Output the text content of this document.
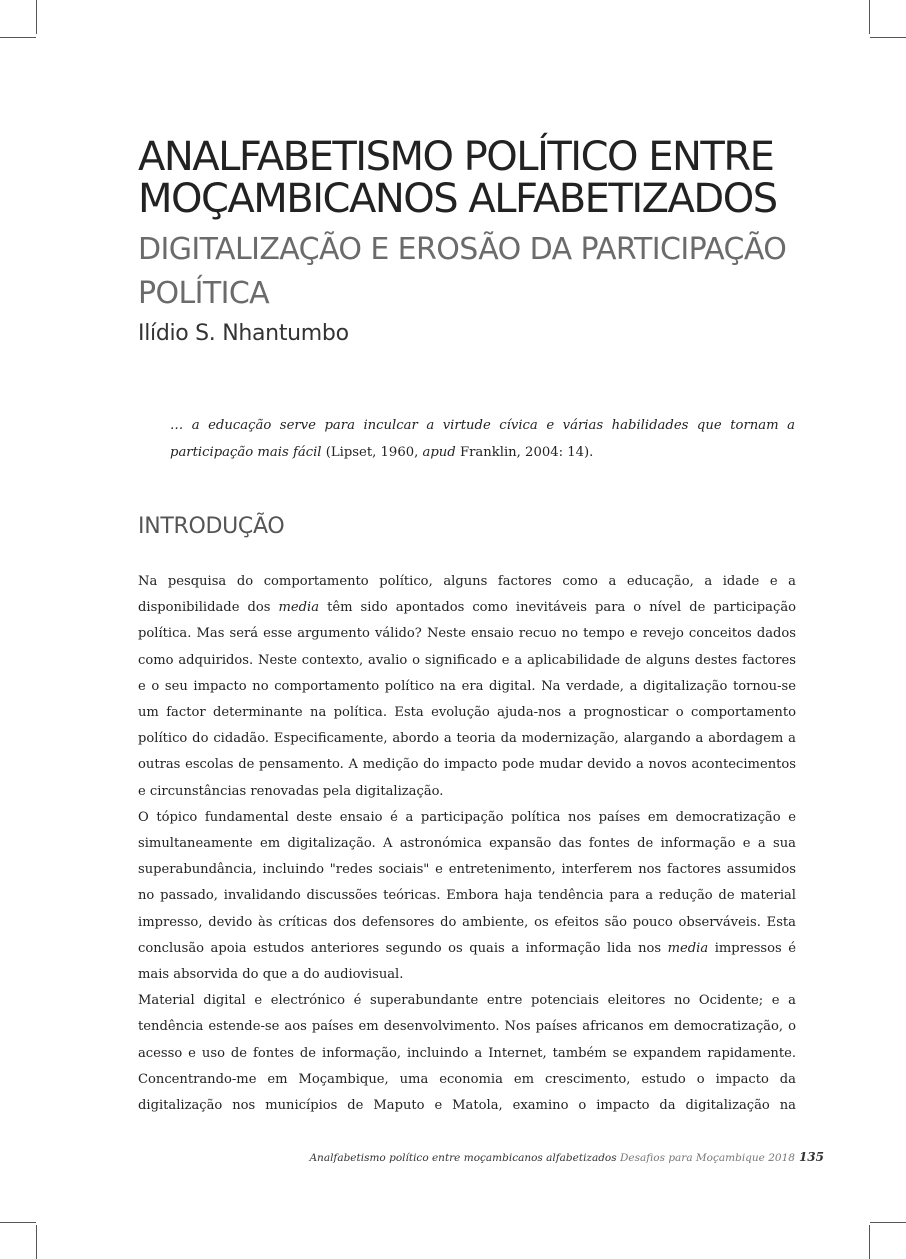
ANALFABETISMO POLÍTICO ENTRE
MOÇAMBICANOS ALFABETIZADOS
DIGITALIZAÇÃO E EROSÃO DA PARTICIPAÇÃO
POLÍTICA
Ilídio S. Nhantumbo

… a educação serve para inculcar a virtude cívica e várias habilidades que tornam a participação mais fácil (Lipset, 1960, apud Franklin, 2004: 14).

INTRODUÇÃO

Na pesquisa do comportamento político, alguns factores como a educação, a idade e a disponibilidade dos media têm sido apontados como inevitáveis para o nível de participação política. Mas será esse argumento válido? Neste ensaio recuo no tempo e revejo conceitos dados como adquiridos. Neste contexto, avalio o significado e a aplicabilidade de alguns destes factores e o seu impacto no comportamento político na era digital. Na verdade, a digitalização tornou-se um factor determinante na política. Esta evolução ajuda-nos a prognosticar o comportamento político do cidadão. Especificamente, abordo a teoria da modernização, alargando a abordagem a outras escolas de pensamento. A medição do impacto pode mudar devido a novos acontecimentos e circunstâncias renovadas pela digitalização.

O tópico fundamental deste ensaio é a participação política nos países em democratização e simultaneamente em digitalização. A astronómica expansão das fontes de informação e a sua superabundância, incluindo "redes sociais" e entretenimento, interferem nos factores assumidos no passado, invalidando discussões teóricas. Embora haja tendência para a redução de material impresso, devido às críticas dos defensores do ambiente, os efeitos são pouco observáveis. Esta conclusão apoia estudos anteriores segundo os quais a informação lida nos media impressos é mais absorvida do que a do audiovisual.

Material digital e electrónico é superabundante entre potenciais eleitores no Ocidente; e a tendência estende-se aos países em desenvolvimento. Nos países africanos em democratização, o acesso e uso de fontes de informação, incluindo a Internet, também se expandem rapidamente. Concentrando-me em Moçambique, uma economia em crescimento, estudo o impacto da digitalização nos municípios de Maputo e Matola, examino o impacto da digitalização na

Analfabetismo político entre moçambicanos alfabetizados Desafios para Moçambique 2018 135
